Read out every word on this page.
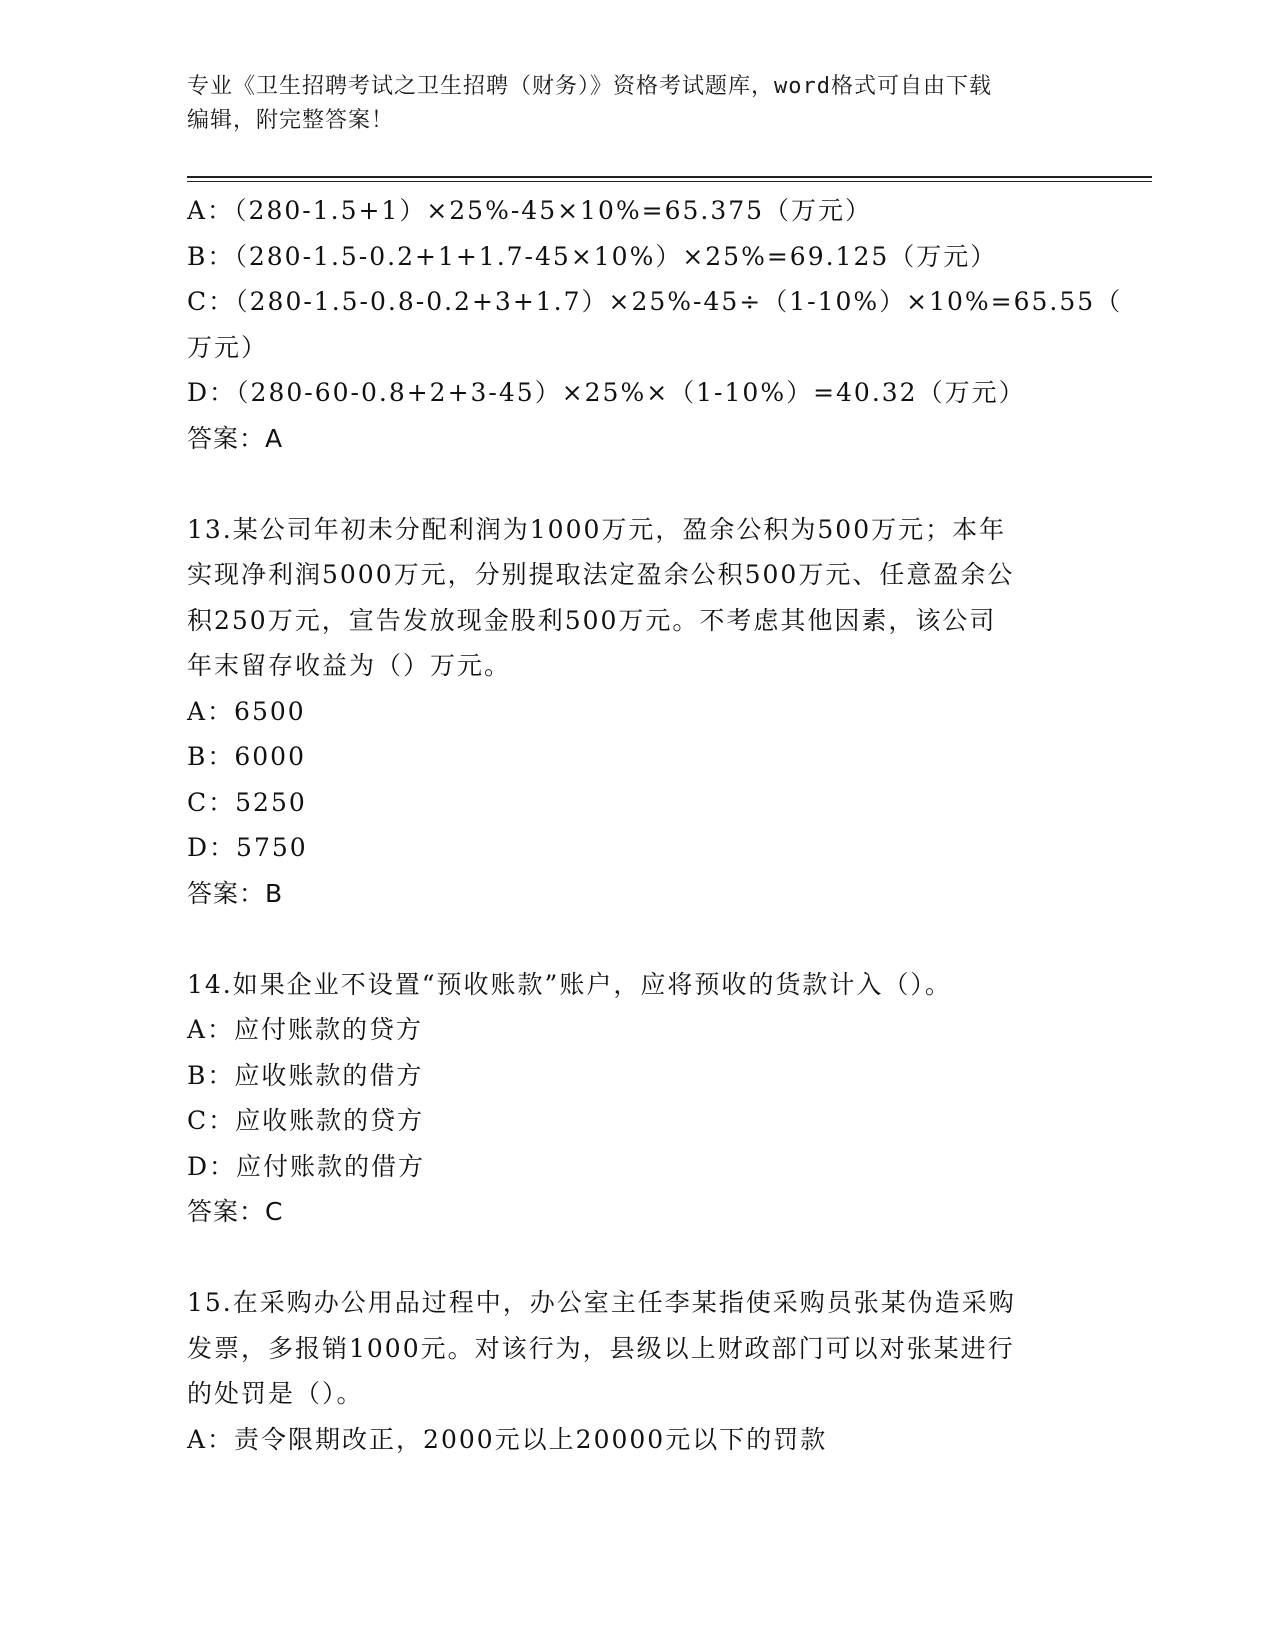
专业《卫生招聘考试之卫生招聘（财务）》资格考试题库，word格式可自由下载
编辑，附完整答案！
A：（280-1.5+1）×25%-45×10%=65.375（万元）
B：（280-1.5-0.2+1+1.7-45×10%）×25%=69.125（万元）
C：（280-1.5-0.8-0.2+3+1.7）×25%-45÷（1-10%）×10%=65.55（
万元）
D：（280-60-0.8+2+3-45）×25%×（1-10%）=40.32（万元）
答案：A
13.某公司年初未分配利润为1000万元，盈余公积为500万元；本年
实现净利润5000万元，分别提取法定盈余公积500万元、任意盈余公
积250万元，宣告发放现金股利500万元。不考虑其他因素，该公司
年末留存收益为（）万元。
A：6500
B：6000
C：5250
D：5750
答案：B
14.如果企业不设置“预收账款”账户，应将预收的货款计入（）。
A：应付账款的贷方
B：应收账款的借方
C：应收账款的贷方
D：应付账款的借方
答案：C
15.在采购办公用品过程中，办公室主任李某指使采购员张某伪造采购
发票，多报销1000元。对该行为，县级以上财政部门可以对张某进行
的处罚是（）。
A：责令限期改正，2000元以上20000元以下的罚款
